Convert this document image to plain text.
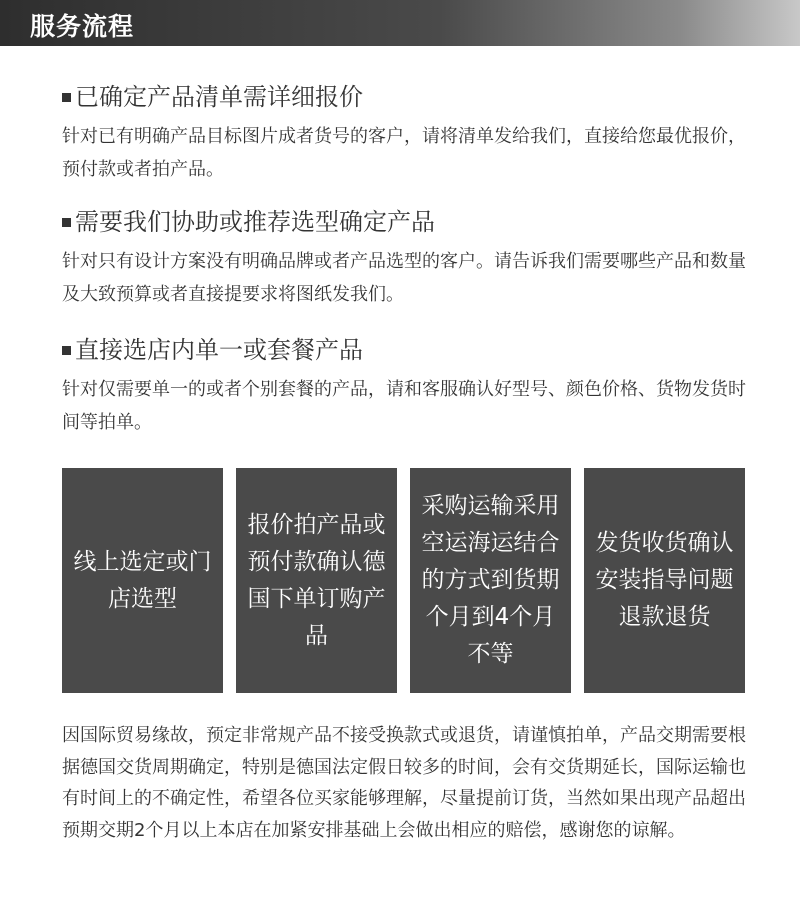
服务流程
已确定产品清单需详细报价
针对已有明确产品目标图片成者货号的客户，请将清单发给我们，直接给您最优报价，预付款或者拍产品。
需要我们协助或推荐选型确定产品
针对只有设计方案没有明确品牌或者产品选型的客户。请告诉我们需要哪些产品和数量及大致预算或者直接提要求将图纸发我们。
直接选店内单一或套餐产品
针对仅需要单一的或者个别套餐的产品，请和客服确认好型号、颜色价格、货物发货时间等拍单。
线上选定或门店选型
报价拍产品或预付款确认德国下单订购产品
采购运输采用空运海运结合的方式到货期个月到4个月不等
发货收货确认安装指导问题退款退货
因国际贸易缘故，预定非常规产品不接受换款式或退货，请谨慎拍单，产品交期需要根据德国交货周期确定，特别是德国法定假日较多的时间，会有交货期延长，国际运输也有时间上的不确定性，希望各位买家能够理解，尽量提前订货，当然如果出现产品超出预期交期2个月以上本店在加紧安排基础上会做出相应的赔偿，感谢您的谅解。
